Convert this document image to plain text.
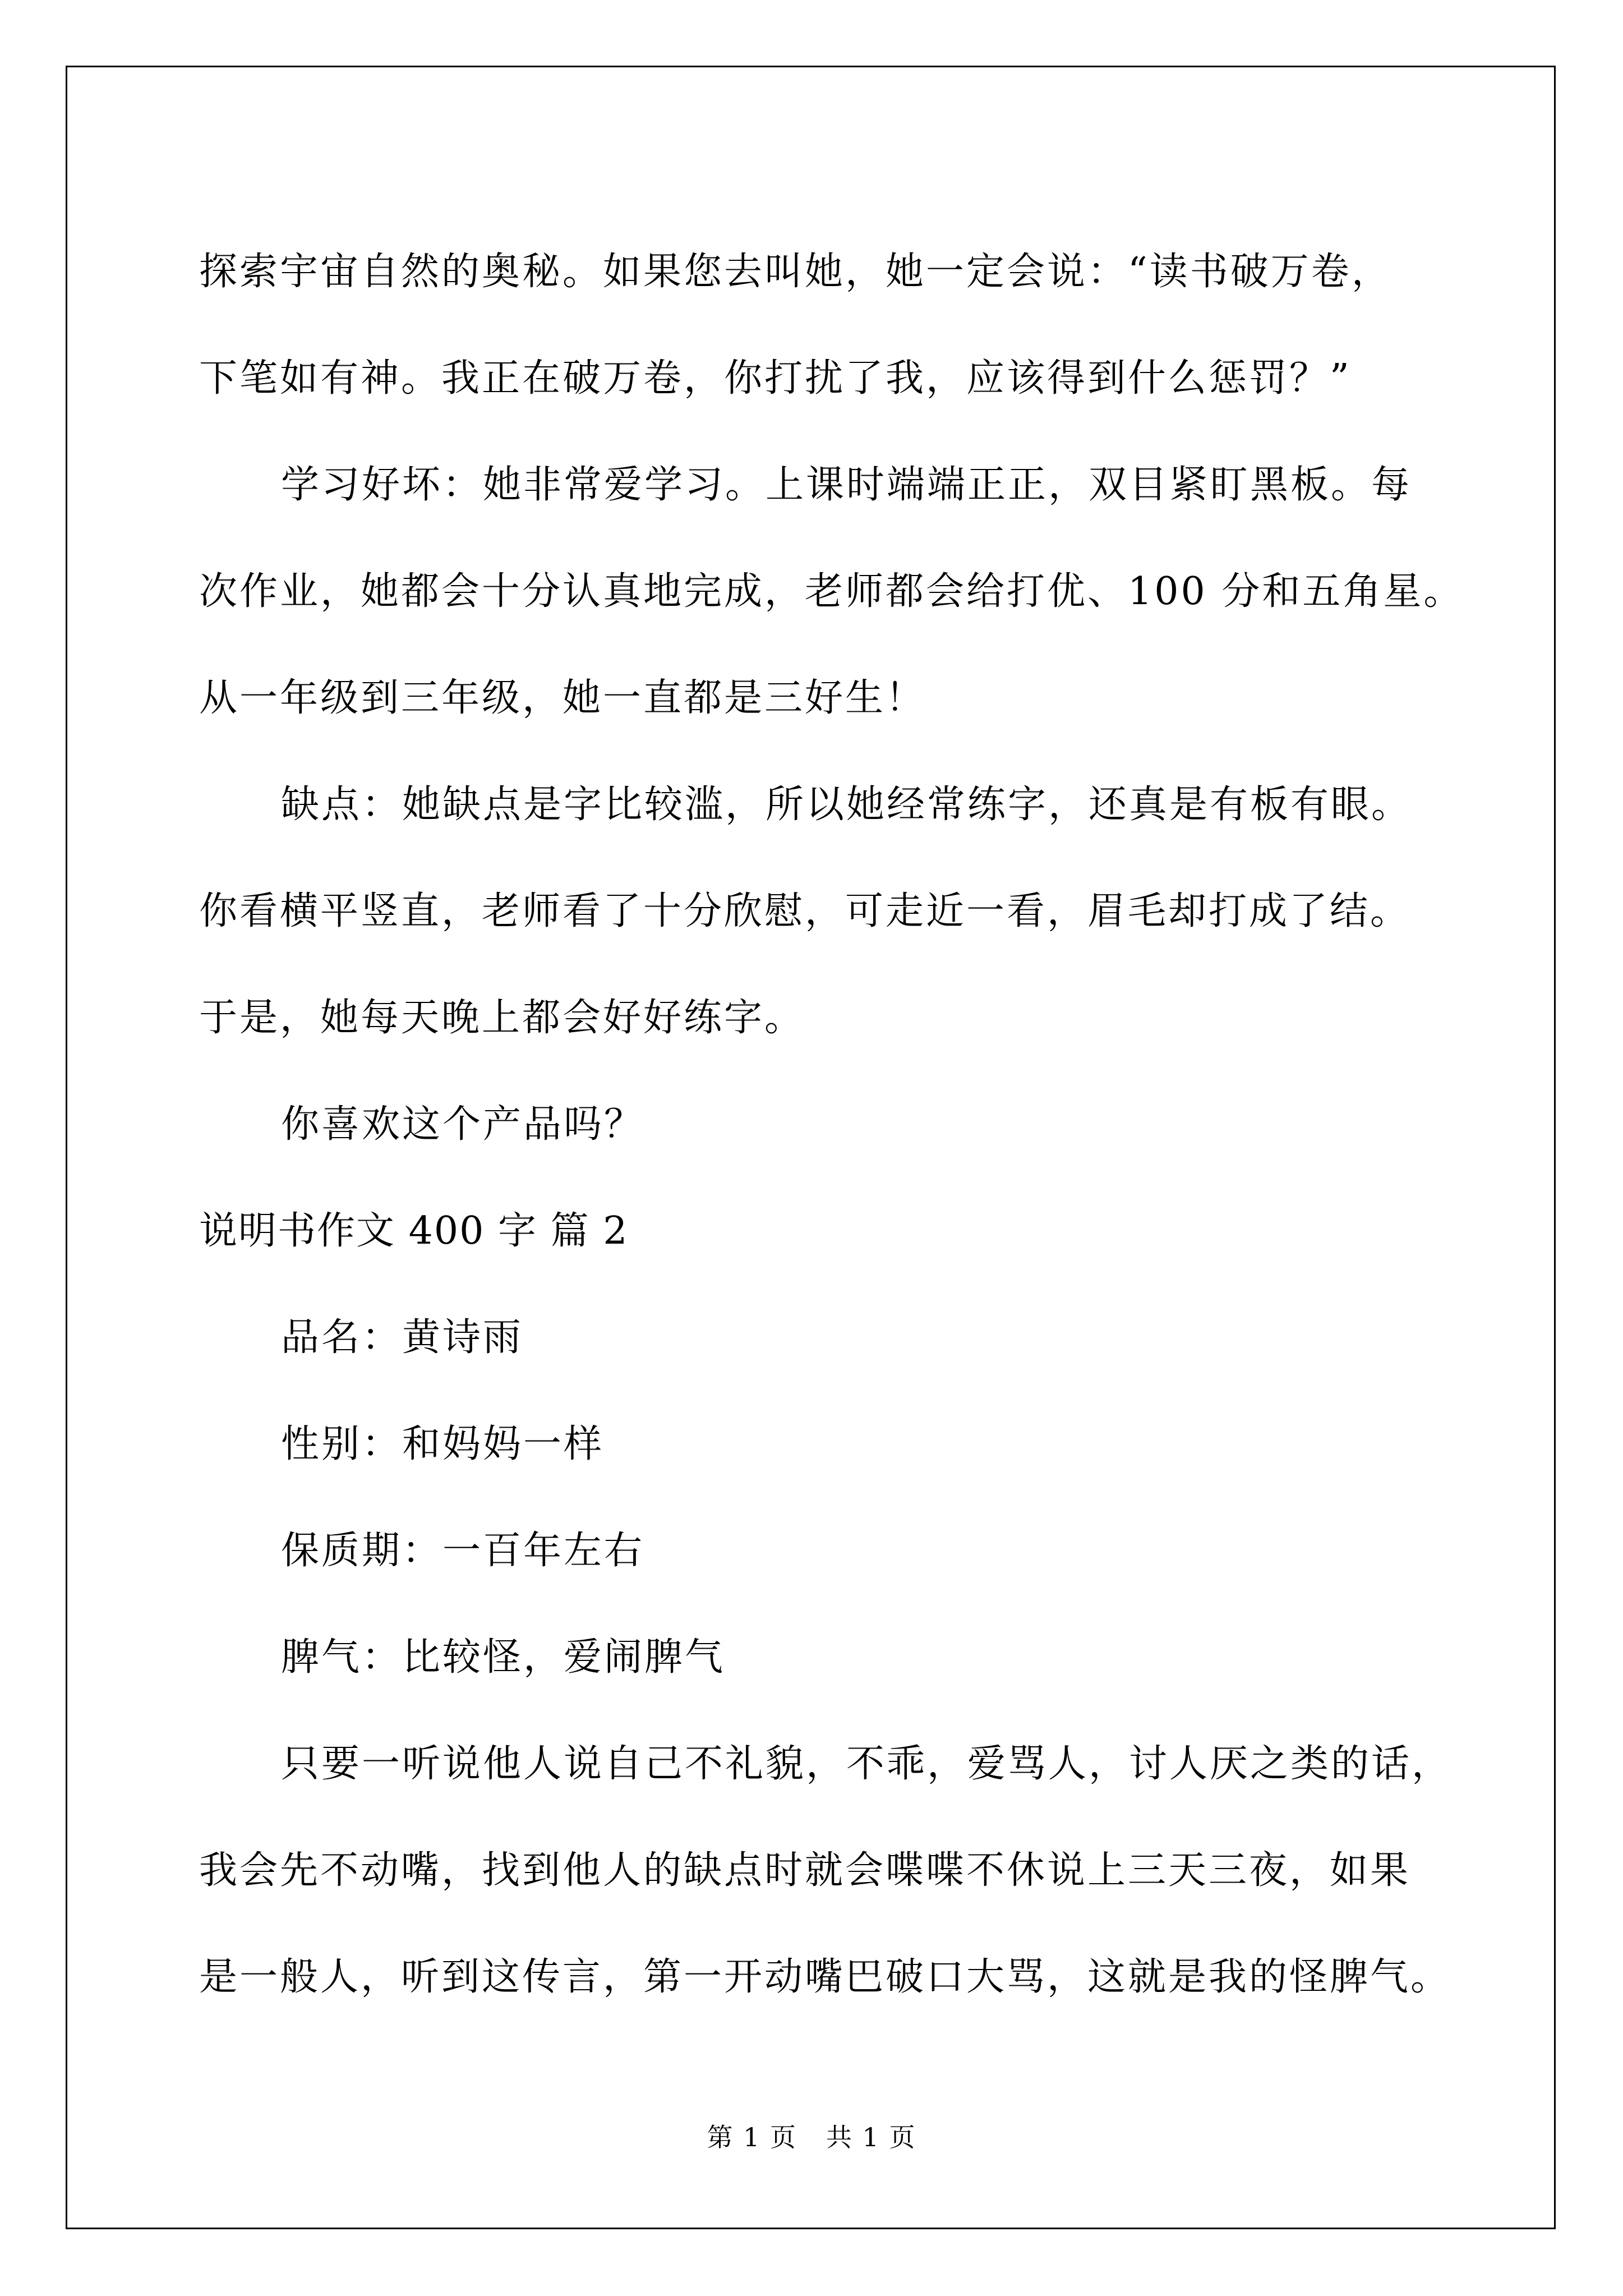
探索宇宙自然的奥秘。如果您去叫她，她一定会说：“读书破万卷，
下笔如有神。我正在破万卷，你打扰了我，应该得到什么惩罚？”
学习好坏：她非常爱学习。上课时端端正正，双目紧盯黑板。每
次作业，她都会十分认真地完成，老师都会给打优、100 分和五角星。
从一年级到三年级，她一直都是三好生！
缺点：她缺点是字比较滥，所以她经常练字，还真是有板有眼。
你看横平竖直，老师看了十分欣慰，可走近一看，眉毛却打成了结。
于是，她每天晚上都会好好练字。
你喜欢这个产品吗？
说明书作文 400 字 篇 2
品名：黄诗雨
性别：和妈妈一样
保质期：一百年左右
脾气：比较怪，爱闹脾气
只要一听说他人说自己不礼貌，不乖，爱骂人，讨人厌之类的话，
我会先不动嘴，找到他人的缺点时就会喋喋不休说上三天三夜，如果
是一般人，听到这传言，第一开动嘴巴破口大骂，这就是我的怪脾气。
第 1 页 共 1 页
